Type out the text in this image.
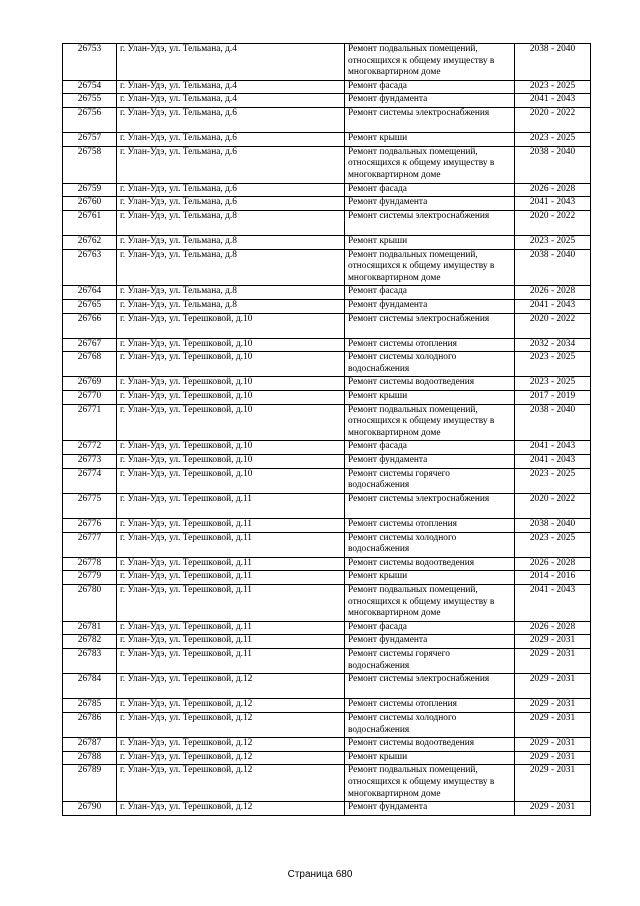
26753	г. Улан-Удэ, ул. Тельмана, д.4	Ремонт подвальных помещений, относящихся к общему имуществу в многоквартирном доме	2038 - 2040
26754	г. Улан-Удэ, ул. Тельмана, д.4	Ремонт фасада	2023 - 2025
26755	г. Улан-Удэ, ул. Тельмана, д.4	Ремонт фундамента	2041 - 2043
26756	г. Улан-Удэ, ул. Тельмана, д.6	Ремонт системы электроснабжения	2020 - 2022
26757	г. Улан-Удэ, ул. Тельмана, д.6	Ремонт крыши	2023 - 2025
26758	г. Улан-Удэ, ул. Тельмана, д.6	Ремонт подвальных помещений, относящихся к общему имуществу в многоквартирном доме	2038 - 2040
26759	г. Улан-Удэ, ул. Тельмана, д.6	Ремонт фасада	2026 - 2028
26760	г. Улан-Удэ, ул. Тельмана, д.6	Ремонт фундамента	2041 - 2043
26761	г. Улан-Удэ, ул. Тельмана, д.8	Ремонт системы электроснабжения	2020 - 2022
26762	г. Улан-Удэ, ул. Тельмана, д.8	Ремонт крыши	2023 - 2025
26763	г. Улан-Удэ, ул. Тельмана, д.8	Ремонт подвальных помещений, относящихся к общему имуществу в многоквартирном доме	2038 - 2040
26764	г. Улан-Удэ, ул. Тельмана, д.8	Ремонт фасада	2026 - 2028
26765	г. Улан-Удэ, ул. Тельмана, д.8	Ремонт фундамента	2041 - 2043
26766	г. Улан-Удэ, ул. Терешковой, д.10	Ремонт системы электроснабжения	2020 - 2022
26767	г. Улан-Удэ, ул. Терешковой, д.10	Ремонт системы отопления	2032 - 2034
26768	г. Улан-Удэ, ул. Терешковой, д.10	Ремонт системы холодного водоснабжения	2023 - 2025
26769	г. Улан-Удэ, ул. Терешковой, д.10	Ремонт системы водоотведения	2023 - 2025
26770	г. Улан-Удэ, ул. Терешковой, д.10	Ремонт крыши	2017 - 2019
26771	г. Улан-Удэ, ул. Терешковой, д.10	Ремонт подвальных помещений, относящихся к общему имуществу в многоквартирном доме	2038 - 2040
26772	г. Улан-Удэ, ул. Терешковой, д.10	Ремонт фасада	2041 - 2043
26773	г. Улан-Удэ, ул. Терешковой, д.10	Ремонт фундамента	2041 - 2043
26774	г. Улан-Удэ, ул. Терешковой, д.10	Ремонт системы горячего водоснабжения	2023 - 2025
26775	г. Улан-Удэ, ул. Терешковой, д.11	Ремонт системы электроснабжения	2020 - 2022
26776	г. Улан-Удэ, ул. Терешковой, д.11	Ремонт системы отопления	2038 - 2040
26777	г. Улан-Удэ, ул. Терешковой, д.11	Ремонт системы холодного водоснабжения	2023 - 2025
26778	г. Улан-Удэ, ул. Терешковой, д.11	Ремонт системы водоотведения	2026 - 2028
26779	г. Улан-Удэ, ул. Терешковой, д.11	Ремонт крыши	2014 - 2016
26780	г. Улан-Удэ, ул. Терешковой, д.11	Ремонт подвальных помещений, относящихся к общему имуществу в многоквартирном доме	2041 - 2043
26781	г. Улан-Удэ, ул. Терешковой, д.11	Ремонт фасада	2026 - 2028
26782	г. Улан-Удэ, ул. Терешковой, д.11	Ремонт фундамента	2029 - 2031
26783	г. Улан-Удэ, ул. Терешковой, д.11	Ремонт системы горячего водоснабжения	2029 - 2031
26784	г. Улан-Удэ, ул. Терешковой, д.12	Ремонт системы электроснабжения	2029 - 2031
26785	г. Улан-Удэ, ул. Терешковой, д.12	Ремонт системы отопления	2029 - 2031
26786	г. Улан-Удэ, ул. Терешковой, д.12	Ремонт системы холодного водоснабжения	2029 - 2031
26787	г. Улан-Удэ, ул. Терешковой, д.12	Ремонт системы водоотведения	2029 - 2031
26788	г. Улан-Удэ, ул. Терешковой, д.12	Ремонт крыши	2029 - 2031
26789	г. Улан-Удэ, ул. Терешковой, д.12	Ремонт подвальных помещений, относящихся к общему имуществу в многоквартирном доме	2029 - 2031
26790	г. Улан-Удэ, ул. Терешковой, д.12	Ремонт фундамента	2029 - 2031
Страница 680
